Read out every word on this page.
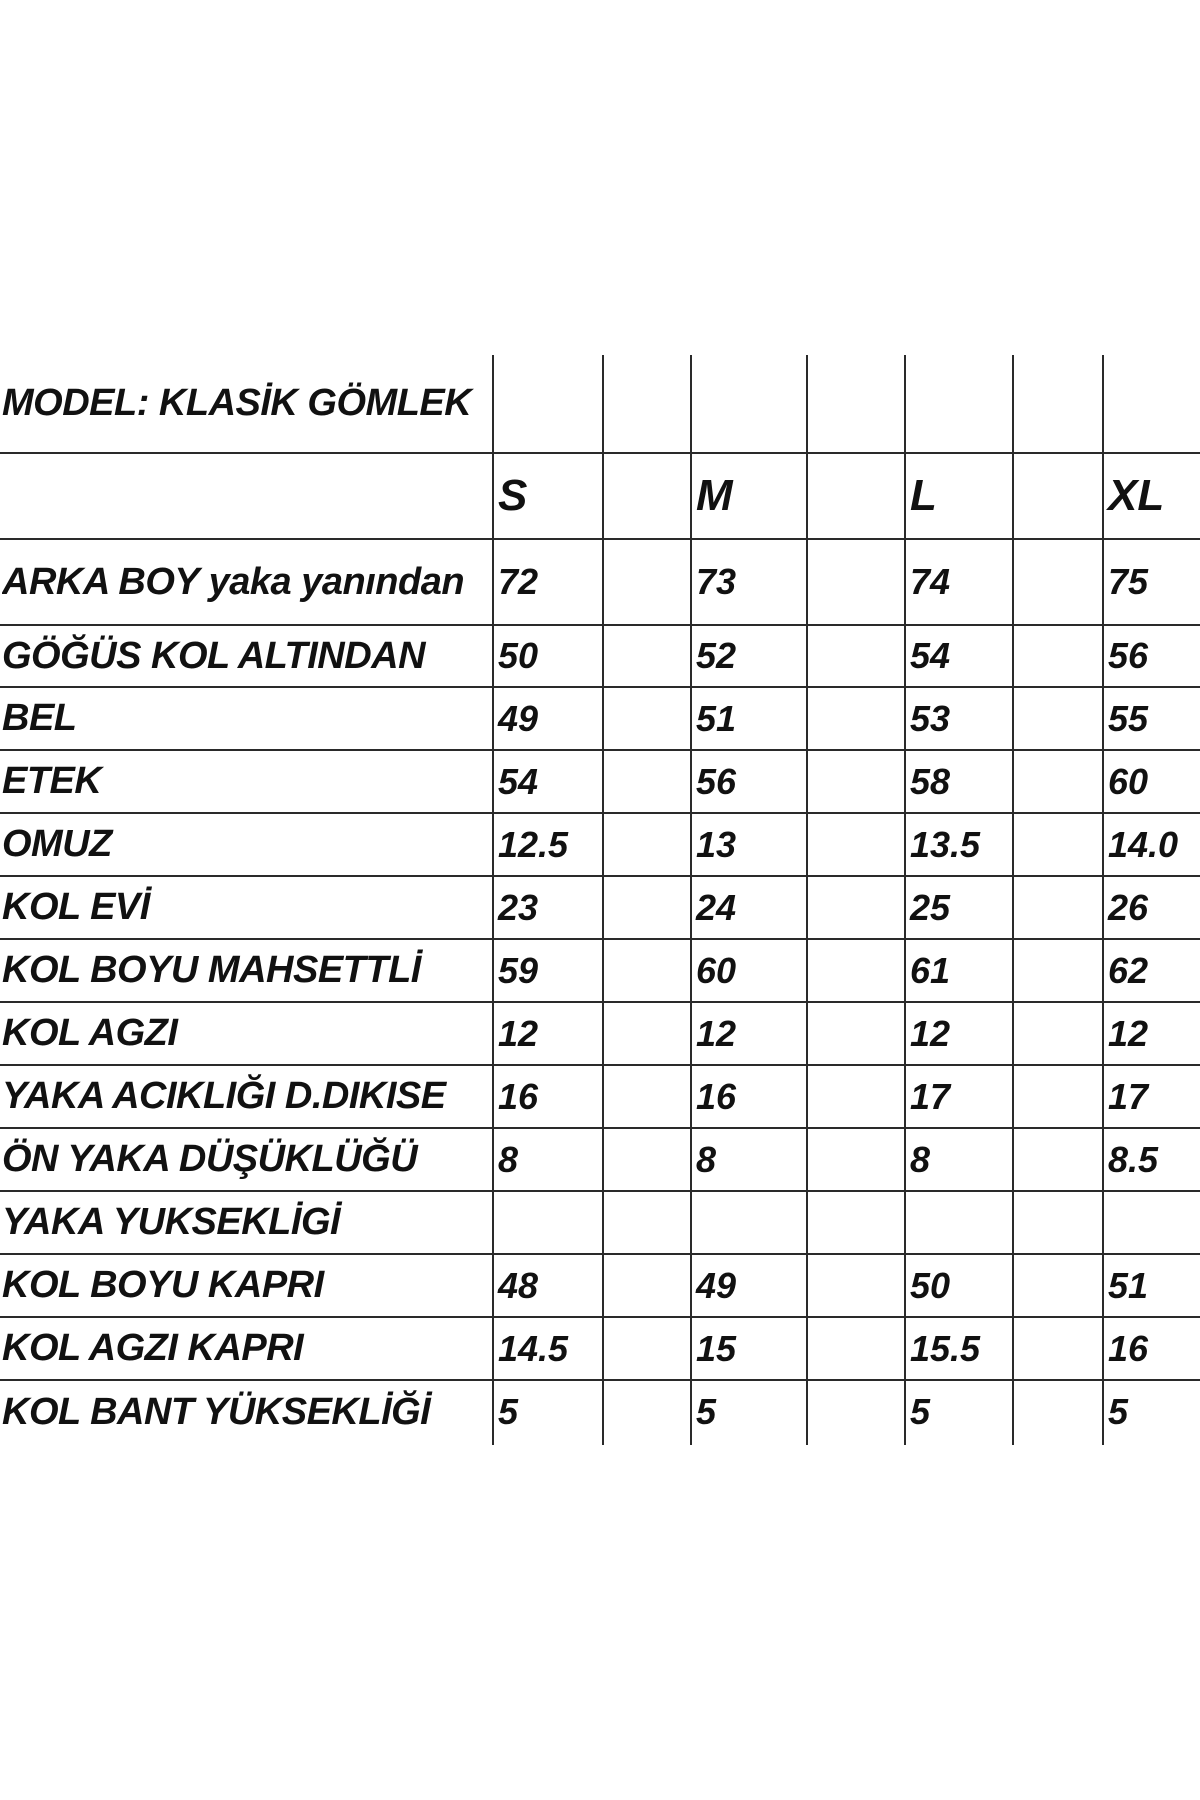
MODEL: KLASİK GÖMLEK
S	M	L	XL
ARKA BOY yaka yanından 72	73	74	75
GÖĞÜS KOL ALTINDAN	50	52	54	56
BEL	49	51	53	55
ETEK	54	56	58	60
OMUZ	12.5	13	13.5	14.0
KOL EVİ	23	24	25	26
KOL BOYU MAHSETTLİ	59	60	61	62
KOL AGZI	12	12	12	12
YAKA ACIKLIĞI D.DIKISE	16	16	17	17
ÖN YAKA DÜŞÜKLÜĞÜ	8	8	8	8.5
YAKA YUKSEKLİGİ
KOL BOYU KAPRI	48	49	50	51
KOL AGZI KAPRI	14.5	15	15.5	16
KOL BANT YÜKSEKLİĞİ	5	5	5	5
